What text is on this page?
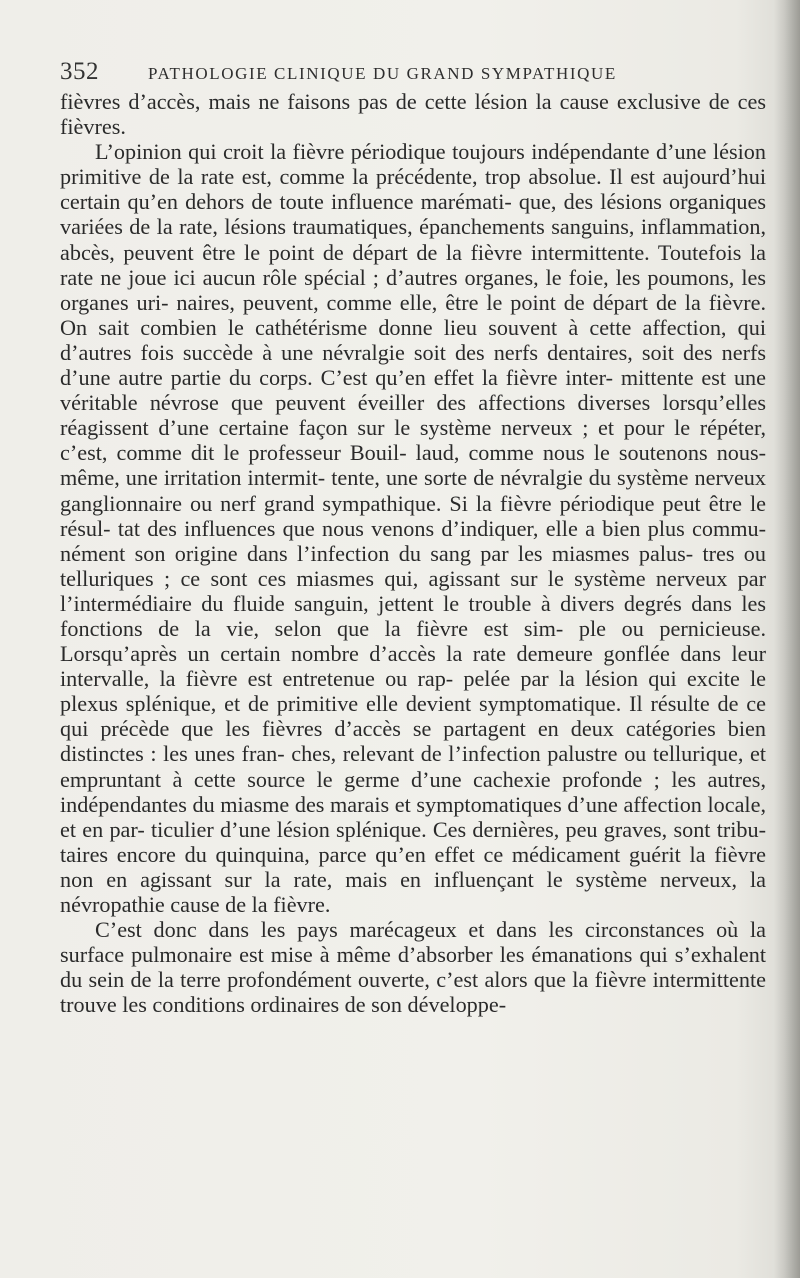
352	PATHOLOGIE CLINIQUE DU GRAND SYMPATHIQUE

fièvres d’accès, mais ne faisons pas de cette lésion la cause exclusive de ces fièvres.

L’opinion qui croit la fièvre périodique toujours indépendante d’une lésion primitive de la rate est, comme la précédente, trop absolue. Il est aujourd’hui certain qu’en dehors de toute influence marémati- que, des lésions organiques variées de la rate, lésions traumatiques, épanchements sanguins, inflammation, abcès, peuvent être le point de départ de la fièvre intermittente. Toutefois la rate ne joue ici aucun rôle spécial ; d’autres organes, le foie, les poumons, les organes uri- naires, peuvent, comme elle, être le point de départ de la fièvre. On sait combien le cathétérisme donne lieu souvent à cette affection, qui d’autres fois succède à une névralgie soit des nerfs dentaires, soit des nerfs d’une autre partie du corps. C’est qu’en effet la fièvre inter- mittente est une véritable névrose que peuvent éveiller des affections diverses lorsqu’elles réagissent d’une certaine façon sur le système nerveux ; et pour le répéter, c’est, comme dit le professeur Bouil- laud, comme nous le soutenons nous-même, une irritation intermit- tente, une sorte de névralgie du système nerveux ganglionnaire ou nerf grand sympathique. Si la fièvre périodique peut être le résul- tat des influences que nous venons d’indiquer, elle a bien plus commu- nément son origine dans l’infection du sang par les miasmes palus- tres ou telluriques ; ce sont ces miasmes qui, agissant sur le système nerveux par l’intermédiaire du fluide sanguin, jettent le trouble à divers degrés dans les fonctions de la vie, selon que la fièvre est sim- ple ou pernicieuse. Lorsqu’après un certain nombre d’accès la rate demeure gonflée dans leur intervalle, la fièvre est entretenue ou rap- pelée par la lésion qui excite le plexus splénique, et de primitive elle devient symptomatique. Il résulte de ce qui précède que les fièvres d’accès se partagent en deux catégories bien distinctes : les unes fran- ches, relevant de l’infection palustre ou tellurique, et empruntant à cette source le germe d’une cachexie profonde ; les autres, indépendantes du miasme des marais et symptomatiques d’une affection locale, et en par- ticulier d’une lésion splénique. Ces dernières, peu graves, sont tribu- taires encore du quinquina, parce qu’en effet ce médicament guérit la fièvre non en agissant sur la rate, mais en influençant le système nerveux, la névropathie cause de la fièvre.

C’est donc dans les pays marécageux et dans les circonstances où la surface pulmonaire est mise à même d’absorber les émanations qui s’exhalent du sein de la terre profondément ouverte, c’est alors que la fièvre intermittente trouve les conditions ordinaires de son développe-
